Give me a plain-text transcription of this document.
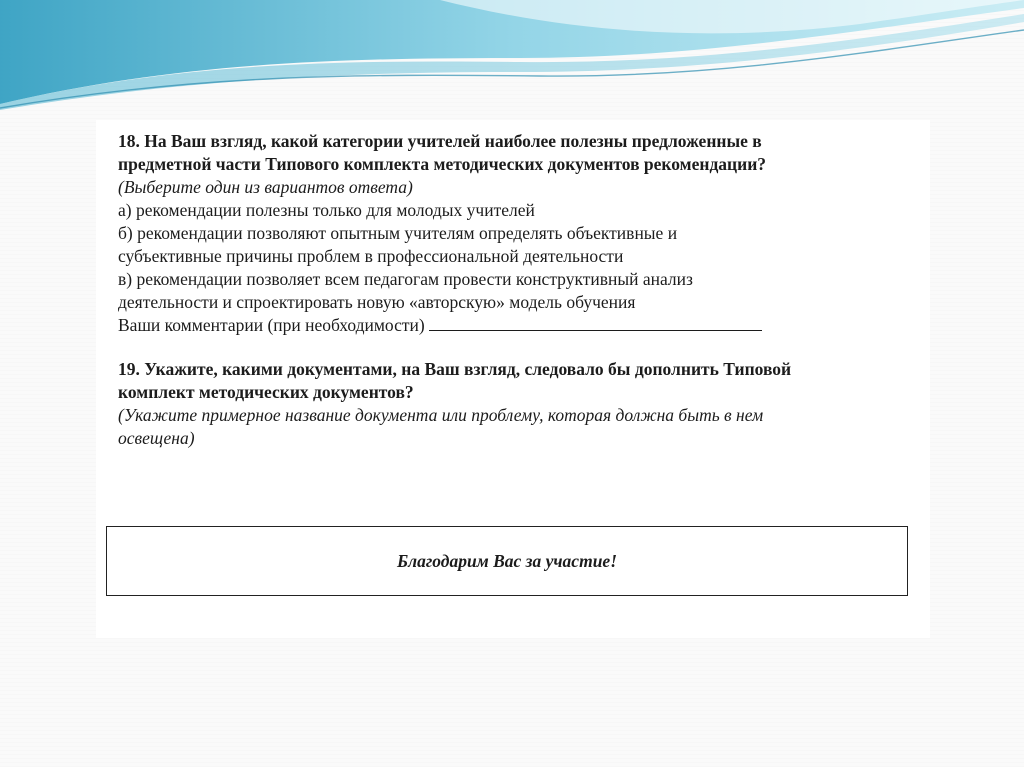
18. На Ваш взгляд, какой категории учителей наиболее полезны предложенные в
предметной части Типового комплекта методических документов рекомендации?
(Выберите один из вариантов ответа)
а) рекомендации полезны только для молодых учителей
б) рекомендации позволяют опытным учителям определять объективные и
субъективные причины проблем в профессиональной деятельности
в) рекомендации позволяет всем педагогам провести конструктивный анализ
деятельности и спроектировать новую «авторскую» модель обучения
Ваши комментарии (при необходимости)
19. Укажите, какими документами, на Ваш взгляд, следовало бы дополнить Типовой
комплект методических документов?
(Укажите примерное название документа или проблему, которая должна быть в нем
освещена)
Благодарим Вас за участие!
